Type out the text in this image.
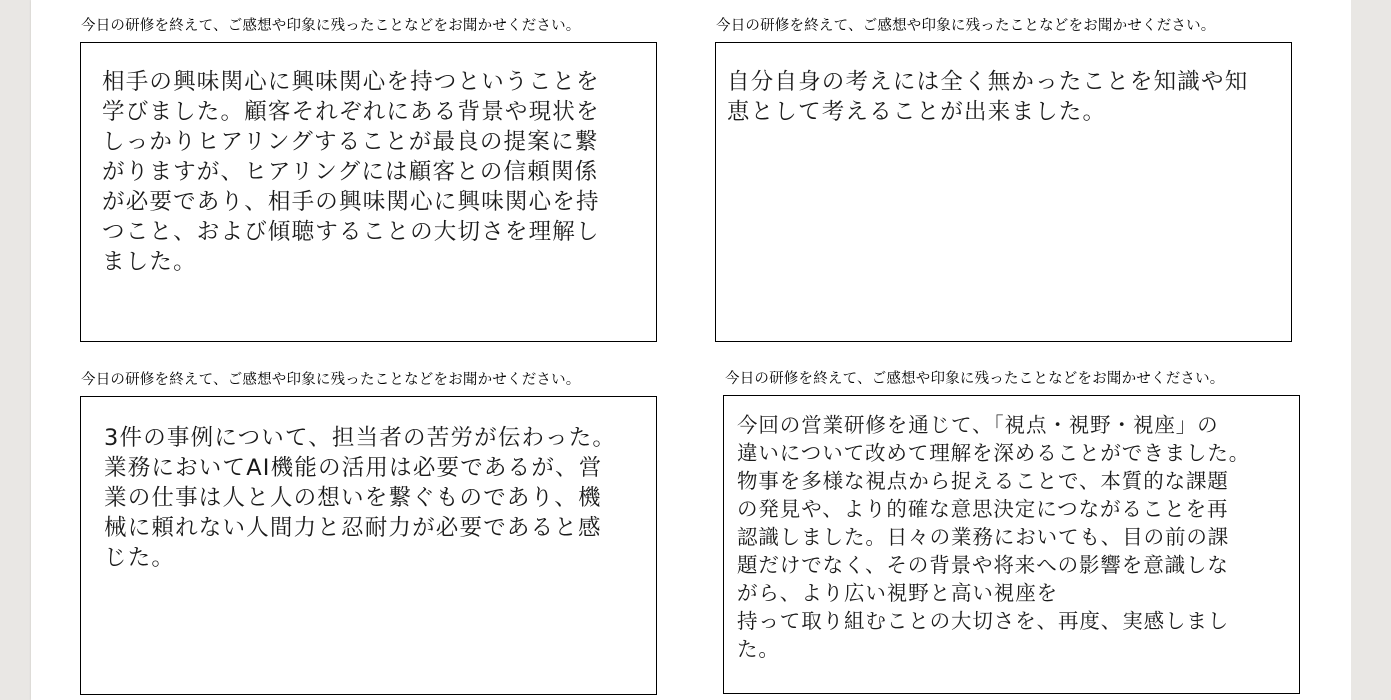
今日の研修を終えて、ご感想や印象に残ったことなどをお聞かせください。
相手の興味関心に興味関心を持つということを
学びました。顧客それぞれにある背景や現状を
しっかりヒアリングすることが最良の提案に繋
がりますが、ヒアリングには顧客との信頼関係
が必要であり、相手の興味関心に興味関心を持
つこと、および傾聴することの大切さを理解し
ました。
今日の研修を終えて、ご感想や印象に残ったことなどをお聞かせください。
自分自身の考えには全く無かったことを知識や知
恵として考えることが出来ました。
今日の研修を終えて、ご感想や印象に残ったことなどをお聞かせください。
3件の事例について、担当者の苦労が伝わった。
業務においてAI機能の活用は必要であるが、営
業の仕事は人と人の想いを繋ぐものであり、機
械に頼れない人間力と忍耐力が必要であると感
じた。
今日の研修を終えて、ご感想や印象に残ったことなどをお聞かせください。
今回の営業研修を通じて、「視点・視野・視座」の
違いについて改めて理解を深めることができました。
物事を多様な視点から捉えることで、本質的な課題
の発見や、より的確な意思決定につながることを再
認識しました。日々の業務においても、目の前の課
題だけでなく、その背景や将来への影響を意識しな
がら、より広い視野と高い視座を
持って取り組むことの大切さを、再度、実感しまし
た。
